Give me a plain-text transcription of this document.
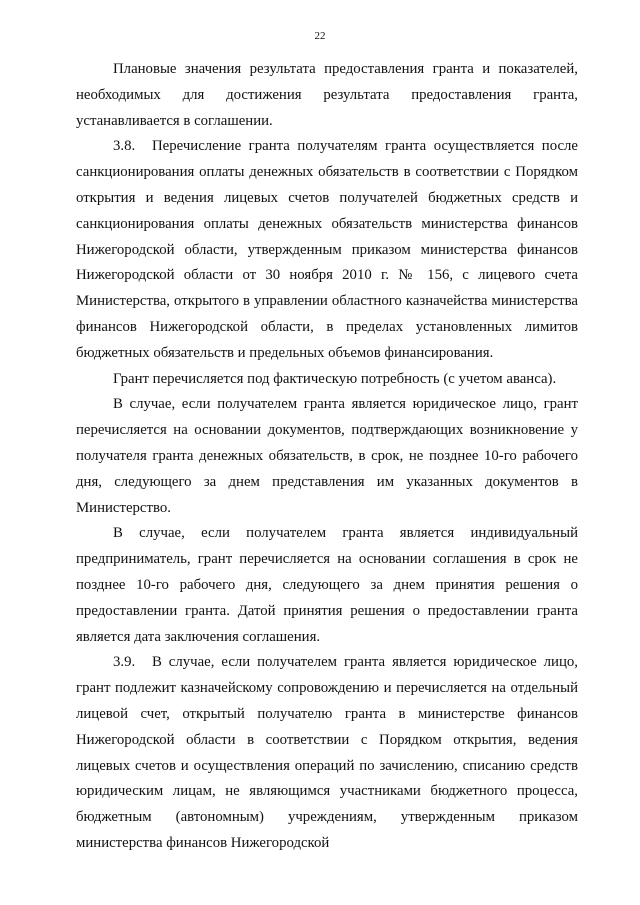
22

Плановые значения результата предоставления гранта и показателей, необходимых для достижения результата предоставления гранта, устанавливается в соглашении.

3.8. Перечисление гранта получателям гранта осуществляется после санкционирования оплаты денежных обязательств в соответствии с Порядком открытия и ведения лицевых счетов получателей бюджетных средств и санкционирования оплаты денежных обязательств министерства финансов Нижегородской области, утвержденным приказом министерства финансов Нижегородской области от 30 ноября 2010 г. № 156, с лицевого счета Министерства, открытого в управлении областного казначейства министерства финансов Нижегородской области, в пределах установленных лимитов бюджетных обязательств и предельных объемов финансирования.

Грант перечисляется под фактическую потребность (с учетом аванса).

В случае, если получателем гранта является юридическое лицо, грант перечисляется на основании документов, подтверждающих возникновение у получателя гранта денежных обязательств, в срок, не позднее 10-го рабочего дня, следующего за днем представления им указанных документов в Министерство.

В случае, если получателем гранта является индивидуальный предприниматель, грант перечисляется на основании соглашения в срок не позднее 10-го рабочего дня, следующего за днем принятия решения о предоставлении гранта. Датой принятия решения о предоставлении гранта является дата заключения соглашения.

3.9. В случае, если получателем гранта является юридическое лицо, грант подлежит казначейскому сопровождению и перечисляется на отдельный лицевой счет, открытый получателю гранта в министерстве финансов Нижегородской области в соответствии с Порядком открытия, ведения лицевых счетов и осуществления операций по зачислению, списанию средств юридическим лицам, не являющимся участниками бюджетного процесса, бюджетным (автономным) учреждениям, утвержденным приказом министерства финансов Нижегородской
